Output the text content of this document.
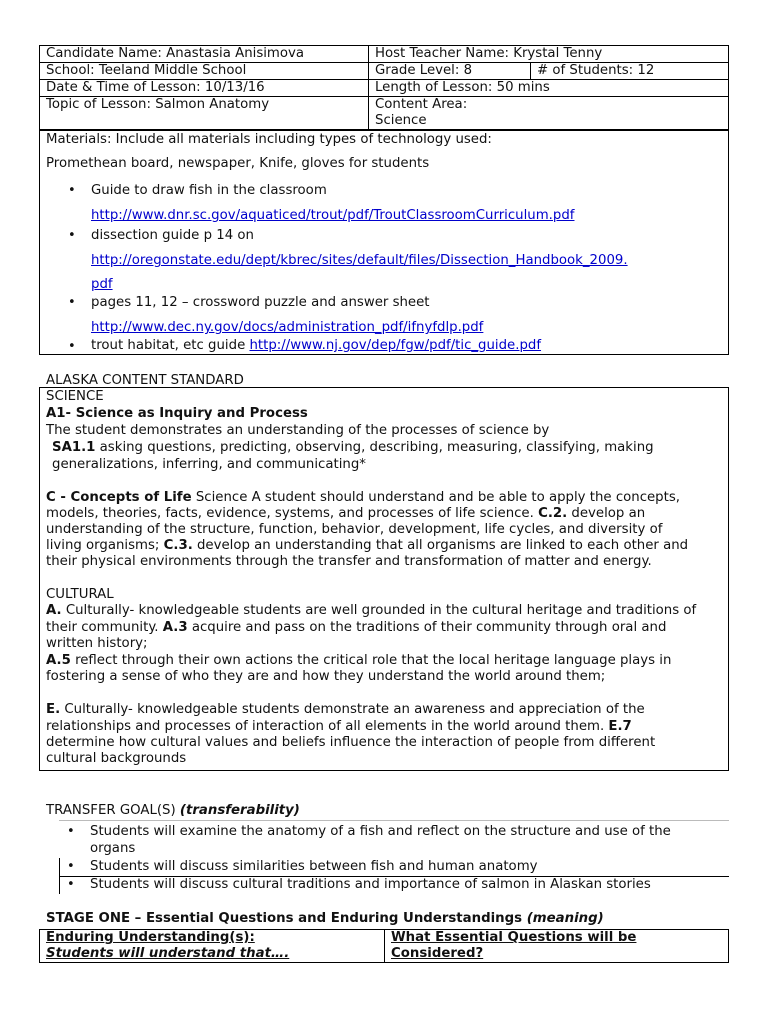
Candidate Name: Anastasia Anisimova	Host Teacher Name: Krystal Tenny	
School: Teeland Middle School	Grade Level: 8	# of Students: 12
Date & Time of Lesson: 10/13/16	Length of Lesson: 50 mins	
Topic of Lesson: Salmon Anatomy	Content Area:
Science	
Materials: Include all materials including types of technology used:
Promethean board, newspaper, Knife, gloves for students
• Guide to draw fish in the classroom
http://www.dnr.sc.gov/aquaticed/trout/pdf/TroutClassroomCurriculum.pdf
• dissection guide p 14 on
http://oregonstate.edu/dept/kbrec/sites/default/files/Dissection_Handbook_2009.
pdf
• pages 11, 12 – crossword puzzle and answer sheet
http://www.dec.ny.gov/docs/administration_pdf/ifnyfdlp.pdf
• trout habitat, etc guide http://www.nj.gov/dep/fgw/pdf/tic_guide.pdf
ALASKA CONTENT STANDARD
SCIENCE
A1- Science as Inquiry and Process
The student demonstrates an understanding of the processes of science by
SA1.1 asking questions, predicting, observing, describing, measuring, classifying, making
generalizations, inferring, and communicating*
C - Concepts of Life Science A student should understand and be able to apply the concepts,
models, theories, facts, evidence, systems, and processes of life science. C.2. develop an
understanding of the structure, function, behavior, development, life cycles, and diversity of
living organisms; C.3. develop an understanding that all organisms are linked to each other and
their physical environments through the transfer and transformation of matter and energy.
CULTURAL
A. Culturally- knowledgeable students are well grounded in the cultural heritage and traditions of
their community. A.3 acquire and pass on the traditions of their community through oral and
written history;
A.5 reflect through their own actions the critical role that the local heritage language plays in
fostering a sense of who they are and how they understand the world around them;
E. Culturally- knowledgeable students demonstrate an awareness and appreciation of the
relationships and processes of interaction of all elements in the world around them. E.7
determine how cultural values and beliefs influence the interaction of people from different
cultural backgrounds
TRANSFER GOAL(S) (transferability)
• Students will examine the anatomy of a fish and reflect on the structure and use of the
organs
• Students will discuss similarities between fish and human anatomy
• Students will discuss cultural traditions and importance of salmon in Alaskan stories
STAGE ONE – Essential Questions and Enduring Understandings (meaning)
Enduring Understanding(s):
Students will understand that….	What Essential Questions will be
Considered?
